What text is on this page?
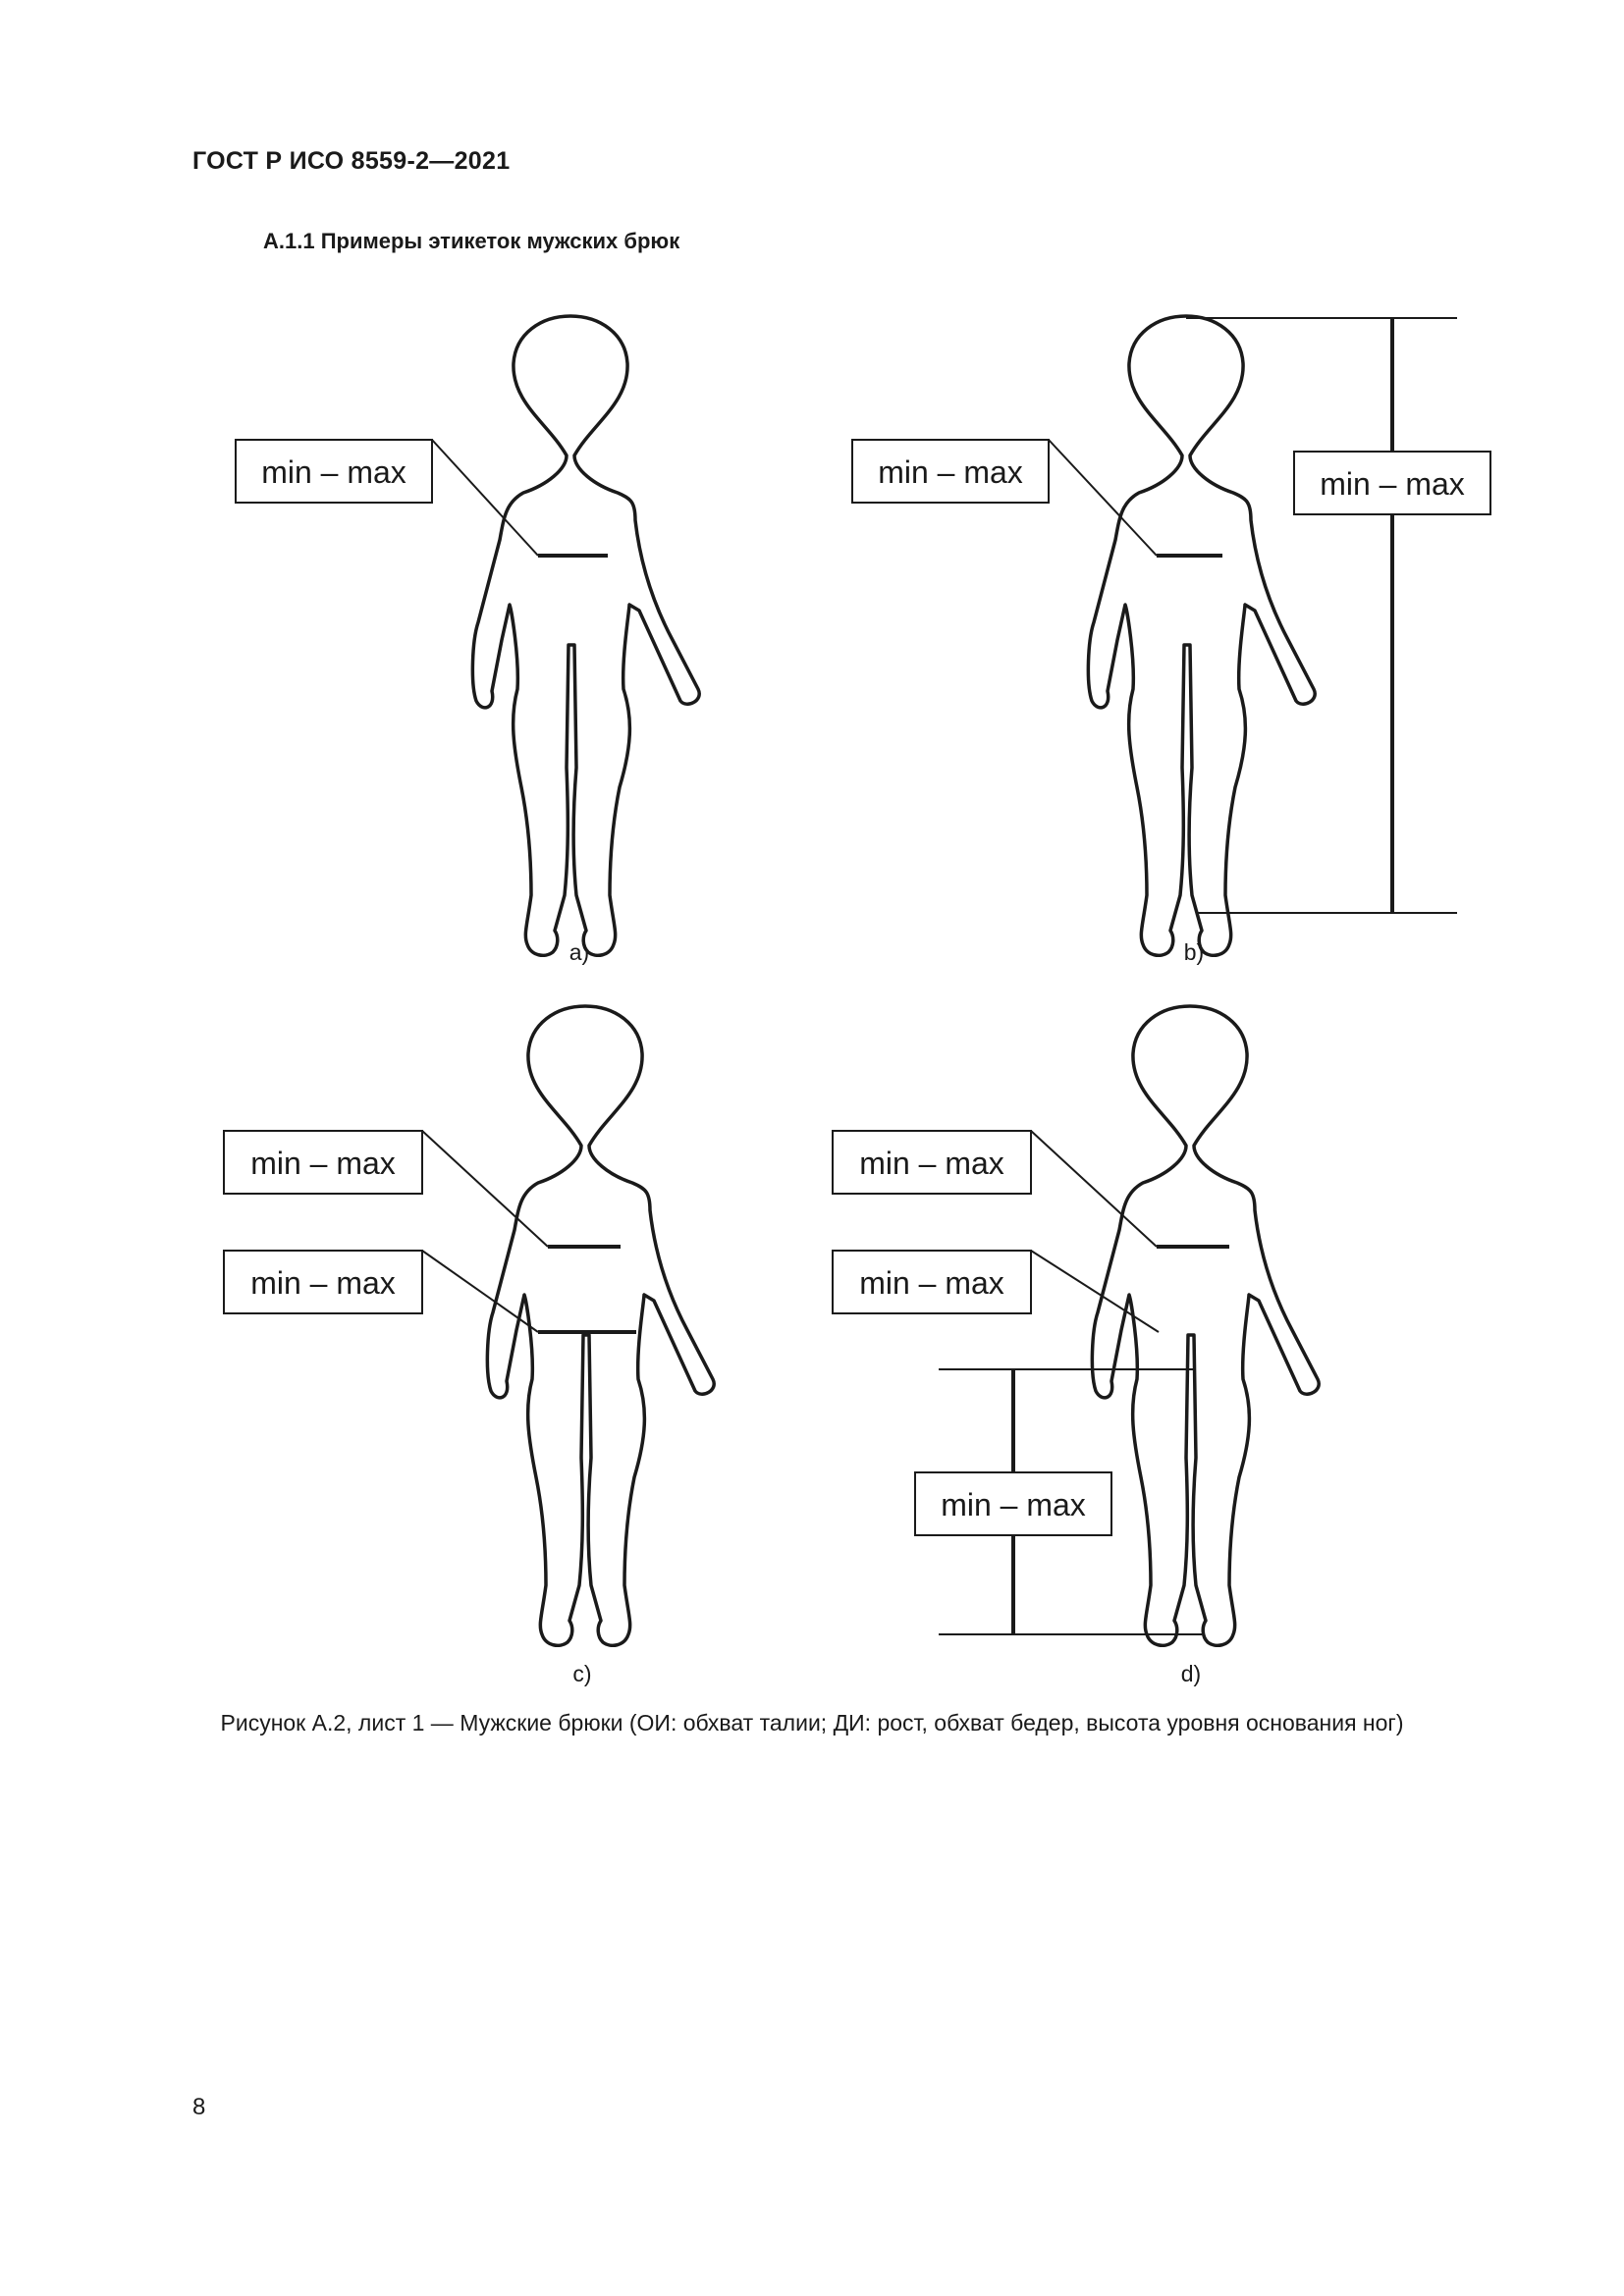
ГОСТ Р ИСО 8559-2—2021
А.1.1 Примеры этикеток мужских брюк
min – max
a)
min – max	min – max
b)
min – max
min – max
c)
min – max
min – max
min – max
d)
Рисунок А.2, лист 1 — Мужские брюки (ОИ: обхват талии; ДИ: рост, обхват бедер, высота уровня основания ног)
8
